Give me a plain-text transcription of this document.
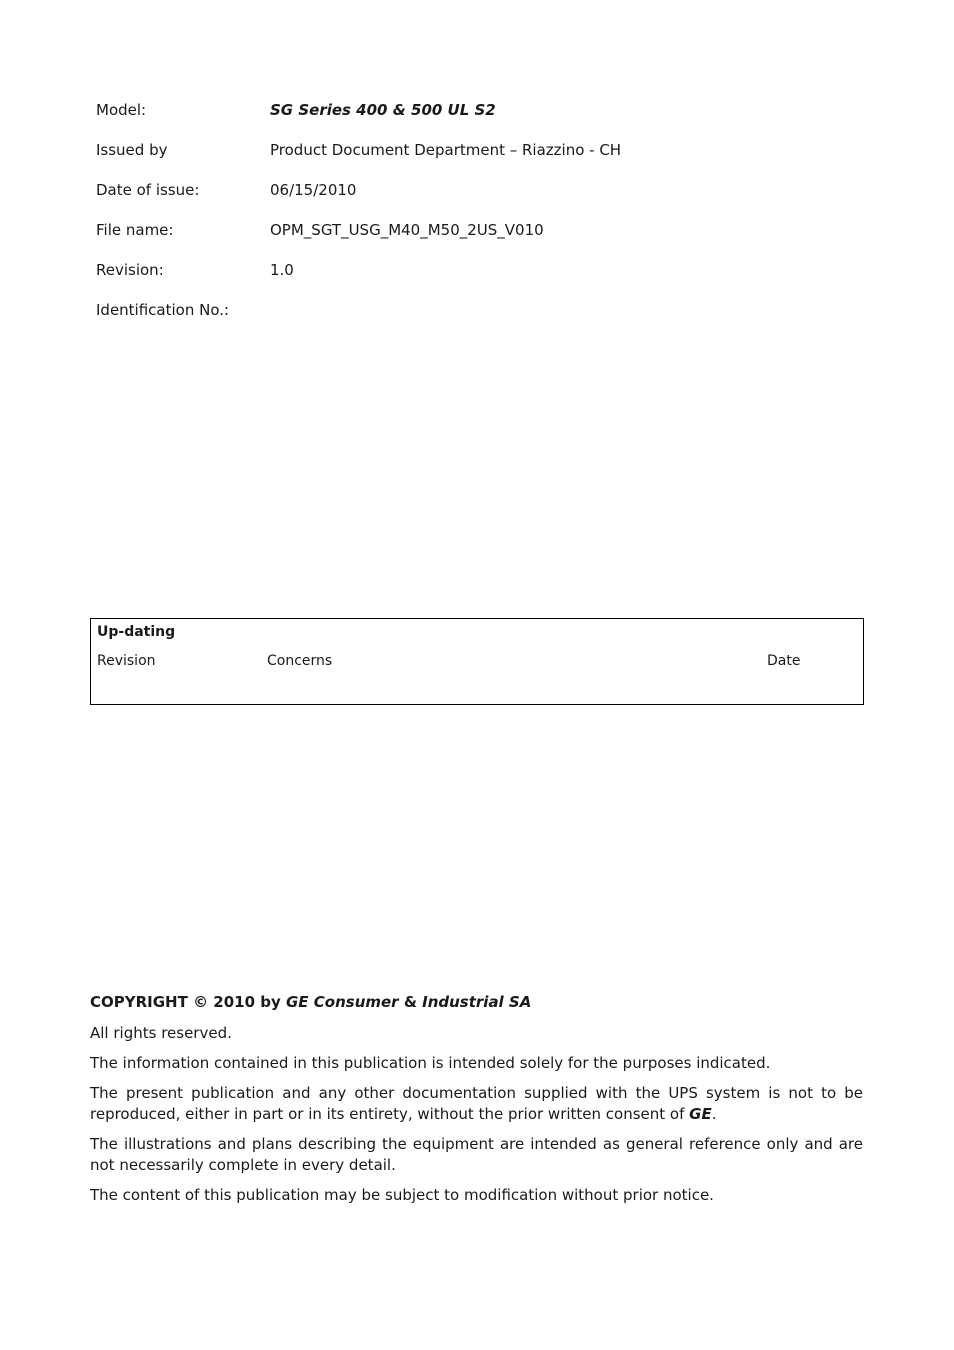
Model:	SG Series 400 & 500 UL S2
Issued by	Product Document Department – Riazzino - CH
Date of issue:	06/15/2010
File name:	OPM_SGT_USG_M40_M50_2US_V010
Revision:	1.0
Identification No.:
Up-dating
Revision	Concerns	Date
COPYRIGHT © 2010 by GE Consumer & Industrial SA
All rights reserved.
The information contained in this publication is intended solely for the purposes indicated.
The present publication and any other documentation supplied with the UPS system is not to be reproduced, either in part or in its entirety, without the prior written consent of GE.
The illustrations and plans describing the equipment are intended as general reference only and are not necessarily complete in every detail.
The content of this publication may be subject to modification without prior notice.
